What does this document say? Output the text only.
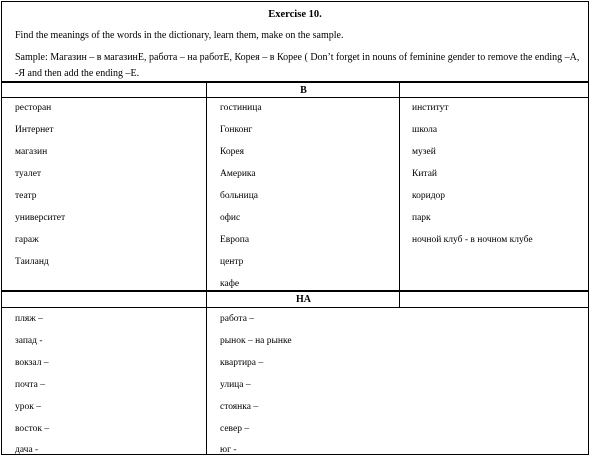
Exercise 10.
Find the meanings of the words in the dictionary, learn them, make on the sample.
Sample: Магазин – в магазинЕ, работа – на работЕ, Корея – в Корее ( Don’t forget in nouns of feminine gender to remove the ending –А,
-Я and then add the ending –Е.
В
ресторан
Интернет
магазин
туалет
театр
университет
гараж
Таиланд
гостиница
Гонконг
Корея
Америка
больница
офис
Европа
центр
кафе
институт
школа
музей
Китай
коридор
парк
ночной клуб - в ночном клубе
НА
пляж –
запад -
вокзал –
почта –
урок –
восток –
дача -
работа –
рынок – на рынке
квартира –
улица –
стоянка –
север –
юг -
